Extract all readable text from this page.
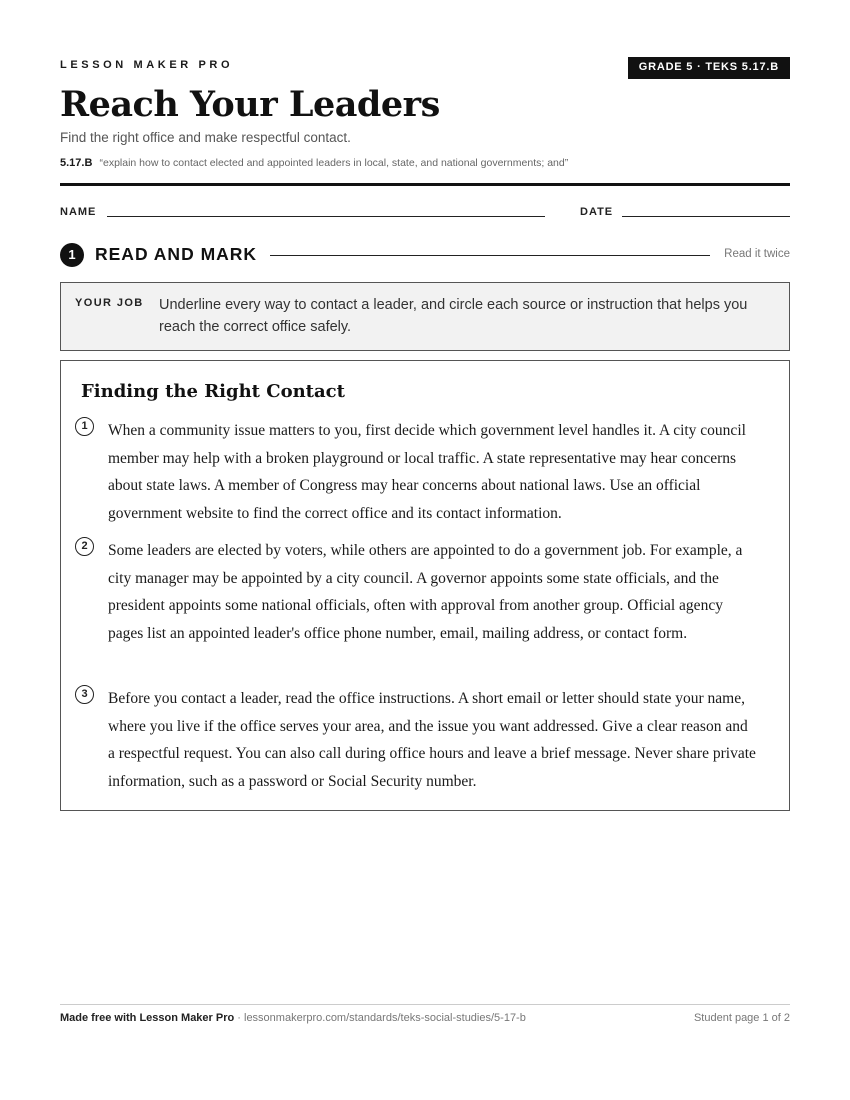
LESSON MAKER PRO	GRADE 5 · TEKS 5.17.B
Reach Your Leaders
Find the right office and make respectful contact.
5.17.B “explain how to contact elected and appointed leaders in local, state, and national governments; and”
NAME	DATE
1	READ AND MARK	Read it twice
YOUR JOB Underline every way to contact a leader, and circle each source or instruction that helps you reach the correct office safely.
Finding the Right Contact
1	When a community issue matters to you, first decide which government level handles it. A city council member may help with a broken playground or local traffic. A state representative may hear concerns about state laws. A member of Congress may hear concerns about national laws. Use an official government website to find the correct office and its contact information.

2	Some leaders are elected by voters, while others are appointed to do a government job. For example, a city manager may be appointed by a city council. A governor appoints some state officials, and the president appoints some national officials, often with approval from another group. Official agency pages list an appointed leader's office phone number, email, mailing address, or contact form.

3	Before you contact a leader, read the office instructions. A short email or letter should state your name, where you live if the office serves your area, and the issue you want addressed. Give a clear reason and a respectful request. You can also call during office hours and leave a brief message. Never share private information, such as a password or Social Security number.

Made free with Lesson Maker Pro · lessonmakerpro.com/standards/teks-social-studies/5-17-b	Student page 1 of 2
